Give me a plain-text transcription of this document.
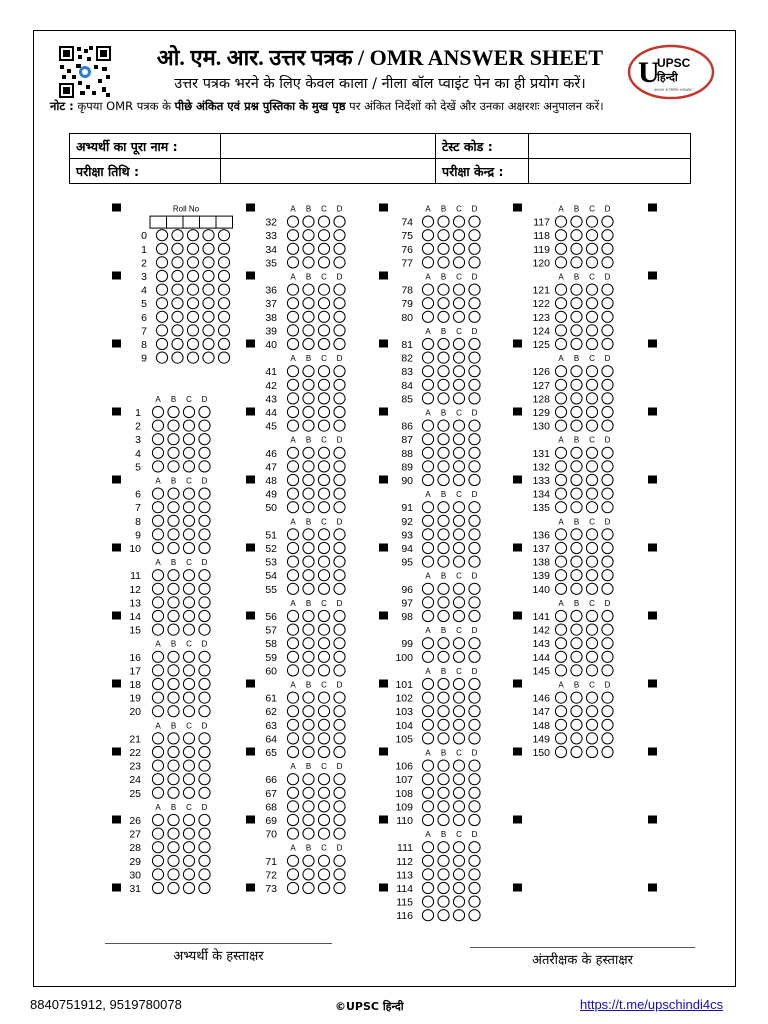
ओ. एम. आर. उत्तर पत्रक / OMR ANSWER SHEET
उत्तर पत्रक भरने के लिए केवल काला / नीला बॉल प्वाइंट पेन का ही प्रयोग करें।	U
UPSC
हिन्दी
सफलता के निश्चित मार्गदर्शक
नोट : कृपया OMR पत्रक के पीछे अंकित एवं प्रश्न पुस्तिका के मुख पृष्ठ पर अंकित निर्देशों को देखें और उनका अक्षरशः अनुपालन करें।
अभ्यर्थी का पूरा नाम :		टेस्ट कोड :	
परीक्षा तिथि :		परीक्षा केन्द्र :	
Roll No
0
1
2
3
4
5
6
7
8
9
A B C D
1
2
3
4
5
A B C D
6
7
8
9
10
A B C D
11
12
13
14
15
A B C D
16
17
18
19
20
A B C D
21
22
23
24
25
A B C D
26
27
28
29
30
31
A B C D
32
33
34
35
A B C D
36
37
38
39
40
A B C D
41
42
43
44
45
A B C D
46
47
48
49
50
A B C D
51
52
53
54
55
A B C D
56
57
58
59
60
A B C D
61
62
63
64
65
A B C D
66
67
68
69
70
A B C D
71
72
73
A B C D
74
75
76
77
A B C D
78
79
80
A B C D
81
82
83
84
85
A B C D
86
87
88
89
90
A B C D
91
92
93
94
95
A B C D
96
97
98
A B C D
99
100
A B C D
101
102
103
104
105
A B C D
106
107
108
109
110
A B C D
111
112
113
114
115
116
A B C D
117
118
119
120
A B C D
121
122
123
124
125
A B C D
126
127
128
129
130
A B C D
131
132
133
134
135
A B C D
136
137
138
139
140
A B C D
141
142
143
144
145
A B C D
146
147
148
149
150
अभ्यर्थी के हस्ताक्षर	अंतरीक्षक के हस्ताक्षर
8840751912, 9519780078	©UPSC हिन्दी	https://t.me/upschindi4cs
